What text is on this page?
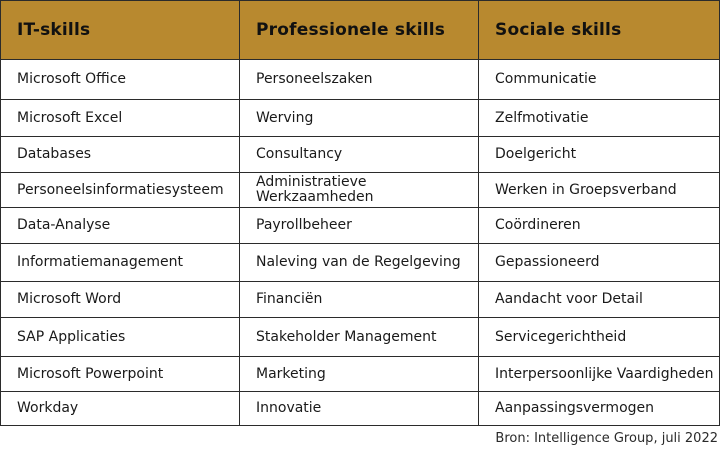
IT-skills	Professionele skills	Sociale skills
Microsoft Office	Personeelszaken	Communicatie
Microsoft Excel	Werving	Zelfmotivatie
Databases	Consultancy	Doelgericht
Personeelsinformatiesysteem	Administratieve Werkzaamheden	Werken in Groepsverband
Data-Analyse	Payrollbeheer	Coördineren
Informatiemanagement	Naleving van de Regelgeving	Gepassioneerd
Microsoft Word	Financiën	Aandacht voor Detail
SAP Applicaties	Stakeholder Management	Servicegerichtheid
Microsoft Powerpoint	Marketing	Interpersoonlijke Vaardigheden
Workday	Innovatie	Aanpassingsvermogen
Bron: Intelligence Group, juli 2022
